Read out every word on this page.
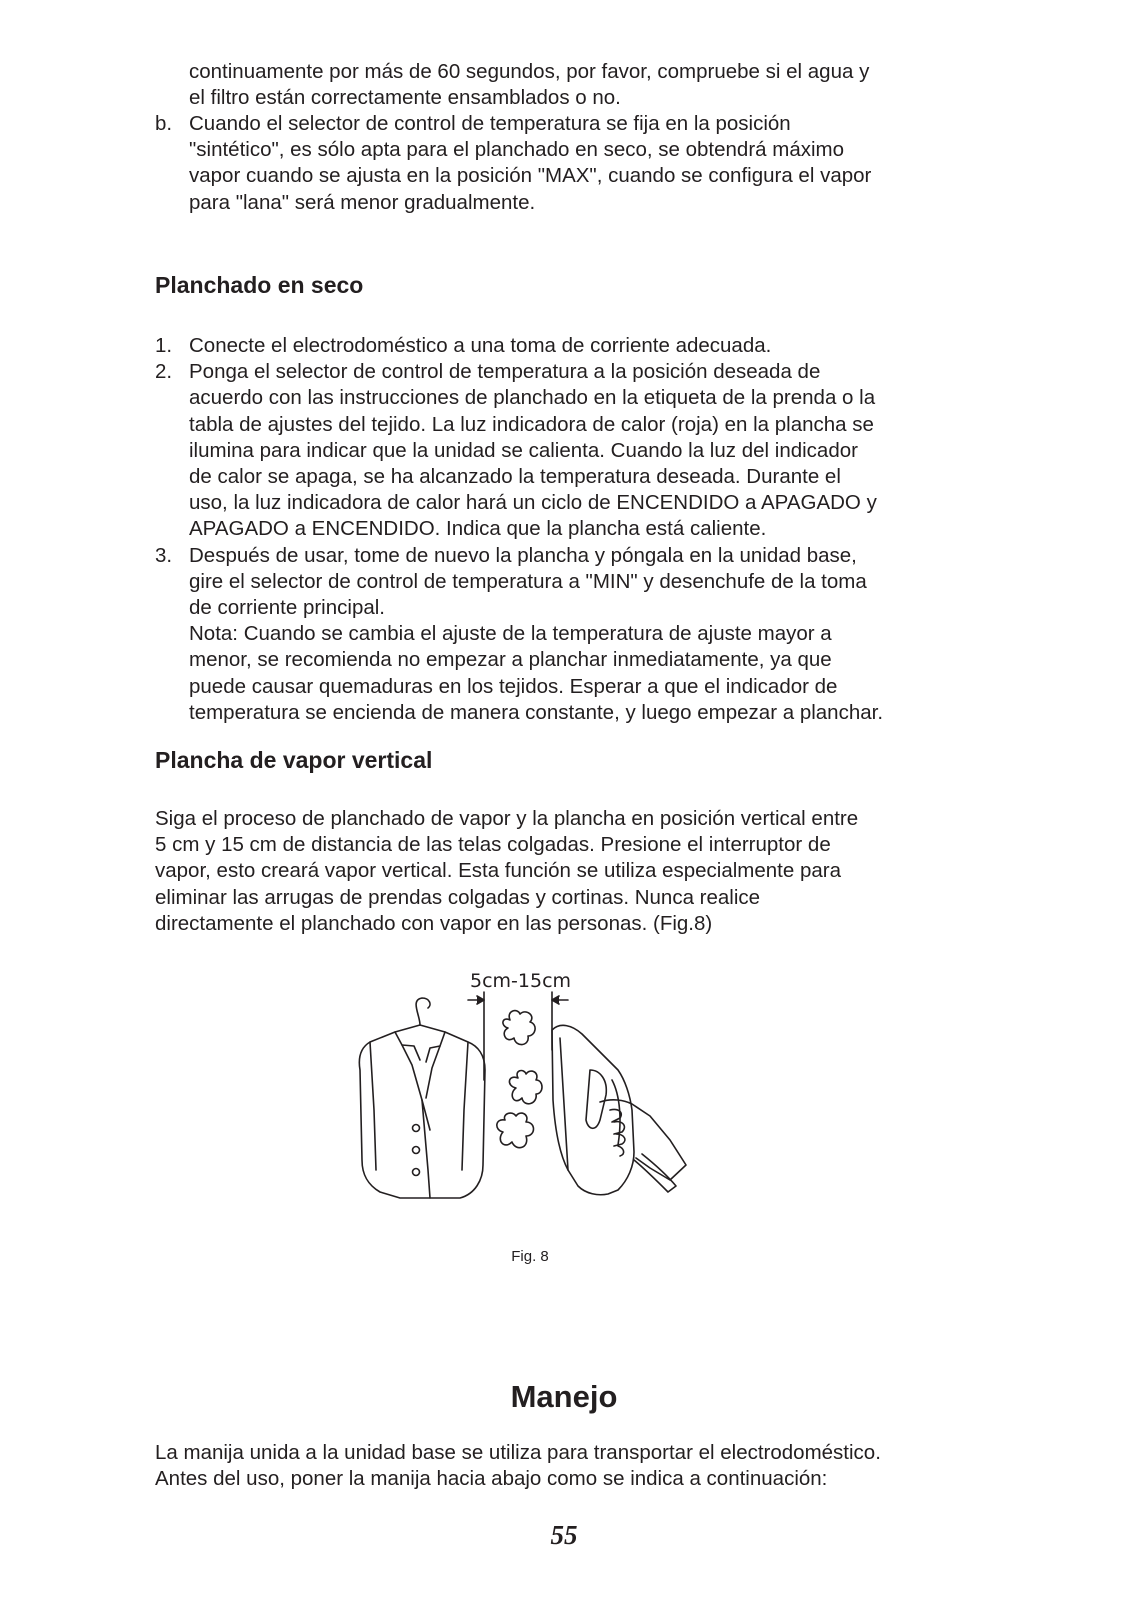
continuamente por más de 60 segundos, por favor, compruebe si el agua y
el filtro están correctamente ensamblados o no.
b. Cuando el selector de control de temperatura se fija en la posición
"sintético", es sólo apta para el planchado en seco, se obtendrá máximo
vapor cuando se ajusta en la posición "MAX", cuando se configura el vapor
para "lana" será menor gradualmente.
Planchado en seco
1. Conecte el electrodoméstico a una toma de corriente adecuada.
2. Ponga el selector de control de temperatura a la posición deseada de
acuerdo con las instrucciones de planchado en la etiqueta de la prenda o la
tabla de ajustes del tejido. La luz indicadora de calor (roja) en la plancha se
ilumina para indicar que la unidad se calienta. Cuando la luz del indicador
de calor se apaga, se ha alcanzado la temperatura deseada. Durante el
uso, la luz indicadora de calor hará un ciclo de ENCENDIDO a APAGADO y
APAGADO a ENCENDIDO. Indica que la plancha está caliente.
3. Después de usar, tome de nuevo la plancha y póngala en la unidad base,
gire el selector de control de temperatura a "MIN" y desenchufe de la toma
de corriente principal.
Nota: Cuando se cambia el ajuste de la temperatura de ajuste mayor a
menor, se recomienda no empezar a planchar inmediatamente, ya que
puede causar quemaduras en los tejidos. Esperar a que el indicador de
temperatura se encienda de manera constante, y luego empezar a planchar.
Plancha de vapor vertical
Siga el proceso de planchado de vapor y la plancha en posición vertical entre
5 cm y 15 cm de distancia de las telas colgadas. Presione el interruptor de
vapor, esto creará vapor vertical. Esta función se utiliza especialmente para
eliminar las arrugas de prendas colgadas y cortinas. Nunca realice
directamente el planchado con vapor en las personas. (Fig.8)
5cm-15cm
Fig. 8
Manejo
La manija unida a la unidad base se utiliza para transportar el electrodoméstico.
Antes del uso, poner la manija hacia abajo como se indica a continuación:
55
